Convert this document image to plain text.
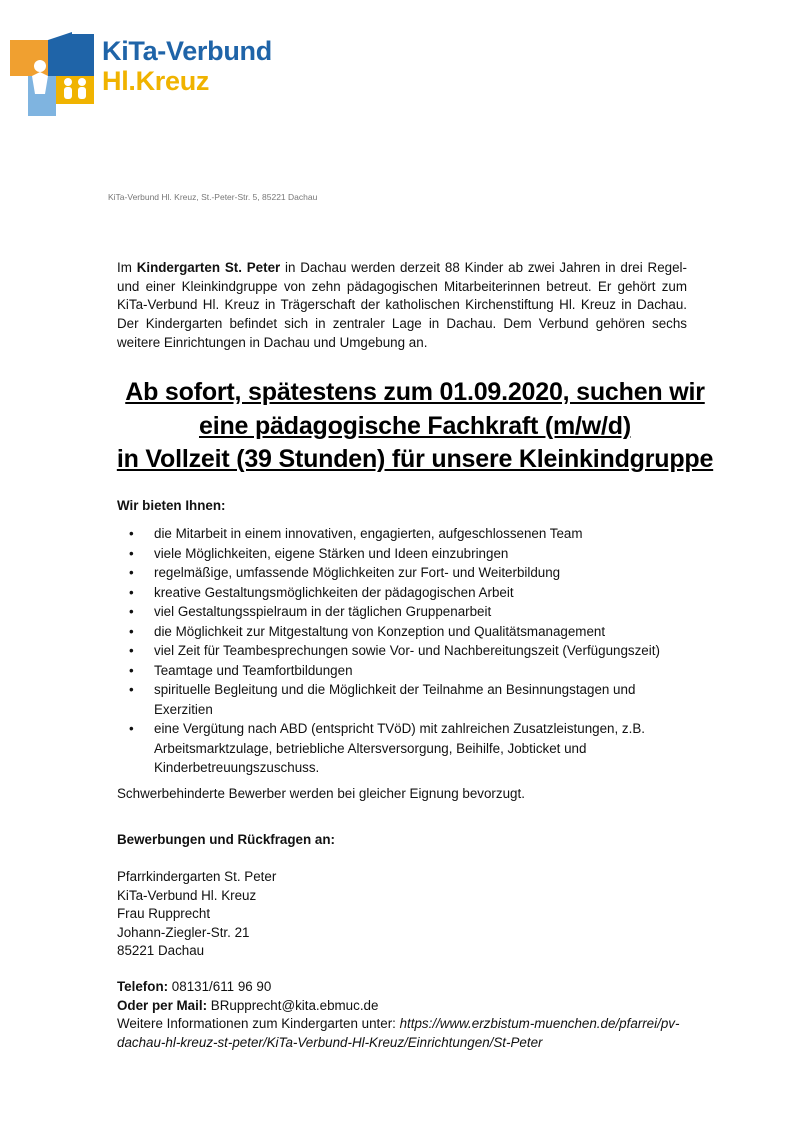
KiTa-Verbund
Hl.Kreuz
KiTa-Verbund Hl. Kreuz, St.-Peter-Str. 5, 85221 Dachau
Im Kindergarten St. Peter in Dachau werden derzeit 88 Kinder ab zwei Jahren in drei Regel- und einer Kleinkindgruppe von zehn pädagogischen Mitarbeiterinnen betreut. Er gehört zum KiTa-Verbund Hl. Kreuz in Trägerschaft der katholischen Kirchenstiftung Hl. Kreuz in Dachau. Der Kindergarten befindet sich in zentraler Lage in Dachau. Dem Verbund gehören sechs weitere Einrichtungen in Dachau und Umgebung an.
Ab sofort, spätestens zum 01.09.2020, suchen wir
eine pädagogische Fachkraft (m/w/d)
in Vollzeit (39 Stunden) für unsere Kleinkindgruppe
Wir bieten Ihnen:
• die Mitarbeit in einem innovativen, engagierten, aufgeschlossenen Team
• viele Möglichkeiten, eigene Stärken und Ideen einzubringen
• regelmäßige, umfassende Möglichkeiten zur Fort- und Weiterbildung
• kreative Gestaltungsmöglichkeiten der pädagogischen Arbeit
• viel Gestaltungsspielraum in der täglichen Gruppenarbeit
• die Möglichkeit zur Mitgestaltung von Konzeption und Qualitätsmanagement
• viel Zeit für Teambesprechungen sowie Vor- und Nachbereitungszeit (Verfügungszeit)
• Teamtage und Teamfortbildungen
• spirituelle Begleitung und die Möglichkeit der Teilnahme an Besinnungstagen und Exerzitien
• eine Vergütung nach ABD (entspricht TVöD) mit zahlreichen Zusatzleistungen, z.B. Arbeitsmarktzulage, betriebliche Altersversorgung, Beihilfe, Jobticket und Kinderbetreuungszuschuss.
Schwerbehinderte Bewerber werden bei gleicher Eignung bevorzugt.
Bewerbungen und Rückfragen an:
Pfarrkindergarten St. Peter
KiTa-Verbund Hl. Kreuz
Frau Rupprecht
Johann-Ziegler-Str. 21
85221 Dachau
Telefon: 08131/611 96 90
Oder per Mail: BRupprecht@kita.ebmuc.de
Weitere Informationen zum Kindergarten unter: https://www.erzbistum-muenchen.de/pfarrei/pv-dachau-hl-kreuz-st-peter/KiTa-Verbund-Hl-Kreuz/Einrichtungen/St-Peter
